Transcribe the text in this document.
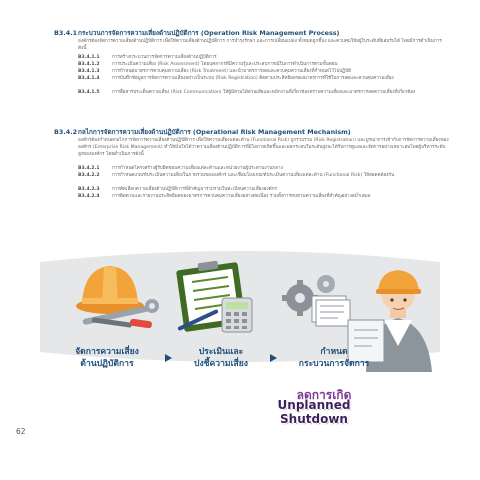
B3.4.1กระบวนการจัดการความเสี่ยงด้านปฏิบัติการ (Operation Risk Management Process)
องค์กรต้องจัดการความเสี่ยงด้านปฏิบัติการ เพื่อให้ความเสี่ยงด้านปฏิบัติการ การบำรุงรักษา และการเปลี่ยนแปลง ทั้งหมดถูกชี้บ่ง และควบคุมให้อยู่ในระดับที่ยอมรับได้ โดยมีการดำเนินการดังนี้
B3.4.1.1	การสร้างกระบวนการจัดการความเสี่ยงด้านปฏิบัติการ
B3.4.1.2	การประเมินความเสี่ยง (Risk Assessment) โดยบุคลากรที่มีความรู้และประสบการณ์ในการดำเนินการตามขั้นตอน
B3.4.1.3	การกำหนดมาตรการควบคุมความเสี่ยง (Risk Treatment) และนำมาตรการลดและควบคุมความเสี่ยงที่กำหนดไว้ไปปฏิบัติ
B3.4.1.4	การบันทึกข้อมูลการจัดการความเสี่ยงอย่างเป็นระบบ (Risk Registration) ติดตามประสิทธิผลของมาตรการที่ใช้ในการลดและควบคุมความเสี่ยง
B3.4.1.5	การสื่อสารประเด็นความเสี่ยง (Risk Communication) ให้ผู้มีส่วนได้ส่วนเสียและพนักงานที่เกี่ยวข้องทราบความเสี่ยงและมาตรการลดความเสี่ยงที่เกี่ยวข้อง
B3.4.2กลไกการจัดการความเสี่ยงด้านปฏิบัติการ (Operational Risk Management Mechanism)
องค์กรต้องกำหนดกลไกการจัดการความเสี่ยงด้านปฏิบัติการ เพื่อให้ความเสี่ยงแต่ละด้าน (Functional Risk) ถูกรวบรวม (Risk Registration) และบูรณาการเข้ากับการจัดการความเสี่ยงขององค์กร (Enterprise Risk Management) ทำให้มั่นใจได้ว่าความเสี่ยงด้านปฏิบัติการที่มีโอกาสเกิดขึ้นและผลกระทบในระดับสูงจะได้รับการดูแลและจัดการอย่างเหมาะสมโดยผู้บริหารระดับสูงขององค์กร โดยดำเนินการดังนี้
B3.4.2.1	การกำหนดโครงสร้างผู้รับผิดชอบความเสี่ยงแต่ละด้านและหน่วยงานผู้ประสานงานกลาง
B3.4.2.2	การกำหนดเกณฑ์ประเมินความเสี่ยงในภาพรวมขององค์กร และเชื่อมโยงเกณฑ์ประเมินความเสี่ยงแต่ละด้าน (Functional Risk) ให้สอดคล้องกัน
B3.4.2.3	การคัดเลือกความเสี่ยงด้านปฏิบัติการที่สำคัญมารวบรวมในทะเบียนความเสี่ยงองค์กร
B3.4.2.4	การติดตามและรายงานประสิทธิผลของมาตรการควบคุมความเสี่ยงอย่างต่อเนื่อง รวมทั้งการทบทวนความเสี่ยงที่สำคัญอย่างสม่ำเสมอ
จัดการความเสี่ยง
ด้านปฏิบัติการ
ประเมินและ
ปงชี้ความเสี่ยง
กำหนด
กระบวนการจัดการ
ลดการเกิด
Unplanned Shutdown
62
